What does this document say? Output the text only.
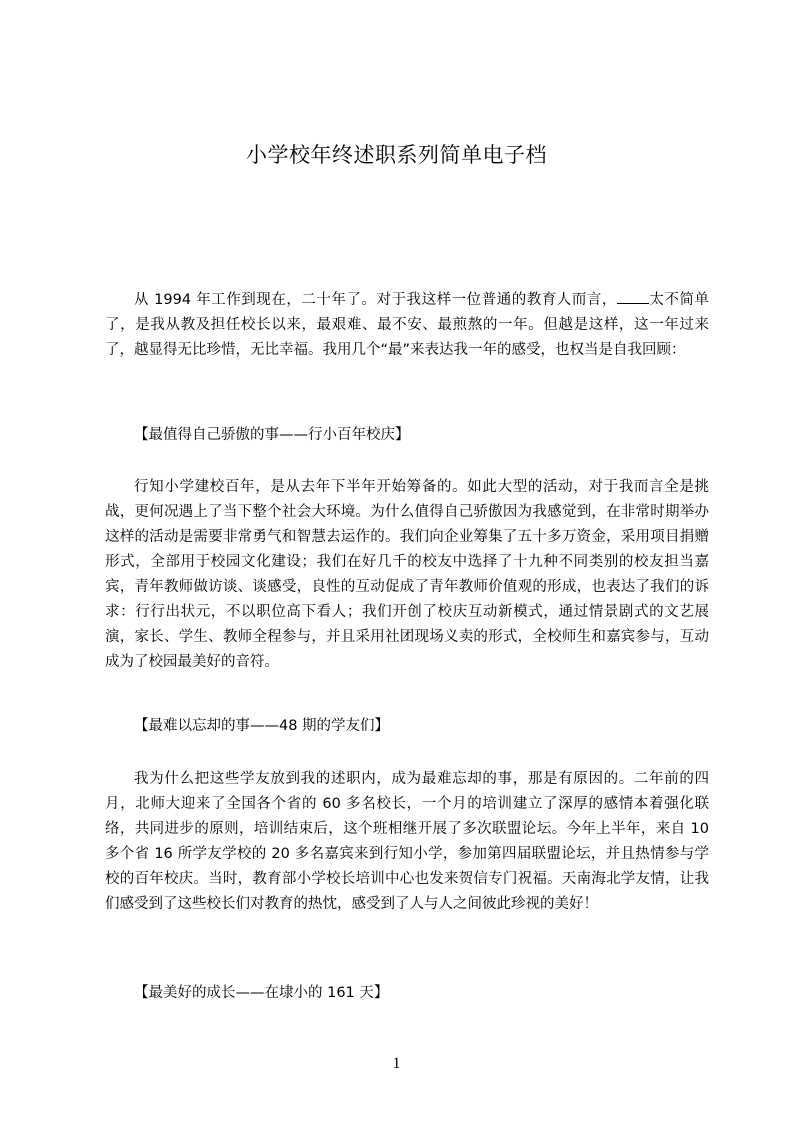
小学校年终述职系列简单电子档
从 1994 年工作到现在，二十年了。对于我这样一位普通的教育人而言， 太不简单了，是我从教及担任校长以来，最艰难、最不安、最煎熬的一年。但越是这样，这一年过来了，越显得无比珍惜，无比幸福。我用几个“最”来表达我一年的感受，也权当是自我回顾：
【最值得自己骄傲的事——行小百年校庆】
行知小学建校百年，是从去年下半年开始筹备的。如此大型的活动，对于我而言全是挑战，更何况遇上了当下整个社会大环境。为什么值得自己骄傲因为我感觉到，在非常时期举办这样的活动是需要非常勇气和智慧去运作的。我们向企业筹集了五十多万资金，采用项目捐赠形式，全部用于校园文化建设；我们在好几千的校友中选择了十九种不同类别的校友担当嘉宾，青年教师做访谈、谈感受，良性的互动促成了青年教师价值观的形成，也表达了我们的诉求：行行出状元，不以职位高下看人；我们开创了校庆互动新模式，通过情景剧式的文艺展演，家长、学生、教师全程参与，并且采用社团现场义卖的形式，全校师生和嘉宾参与，互动成为了校园最美好的音符。
【最难以忘却的事——48 期的学友们】
我为什么把这些学友放到我的述职内，成为最难忘却的事，那是有原因的。二年前的四月，北师大迎来了全国各个省的 60 多名校长，一个月的培训建立了深厚的感情本着强化联络，共同进步的原则，培训结束后，这个班相继开展了多次联盟论坛。今年上半年，来自 10 多个省 16 所学友学校的 20 多名嘉宾来到行知小学，参加第四届联盟论坛，并且热情参与学校的百年校庆。当时，教育部小学校长培训中心也发来贺信专门祝福。天南海北学友情，让我们感受到了这些校长们对教育的热忱，感受到了人与人之间彼此珍视的美好！
【最美好的成长——在埭小的 161 天】
1
